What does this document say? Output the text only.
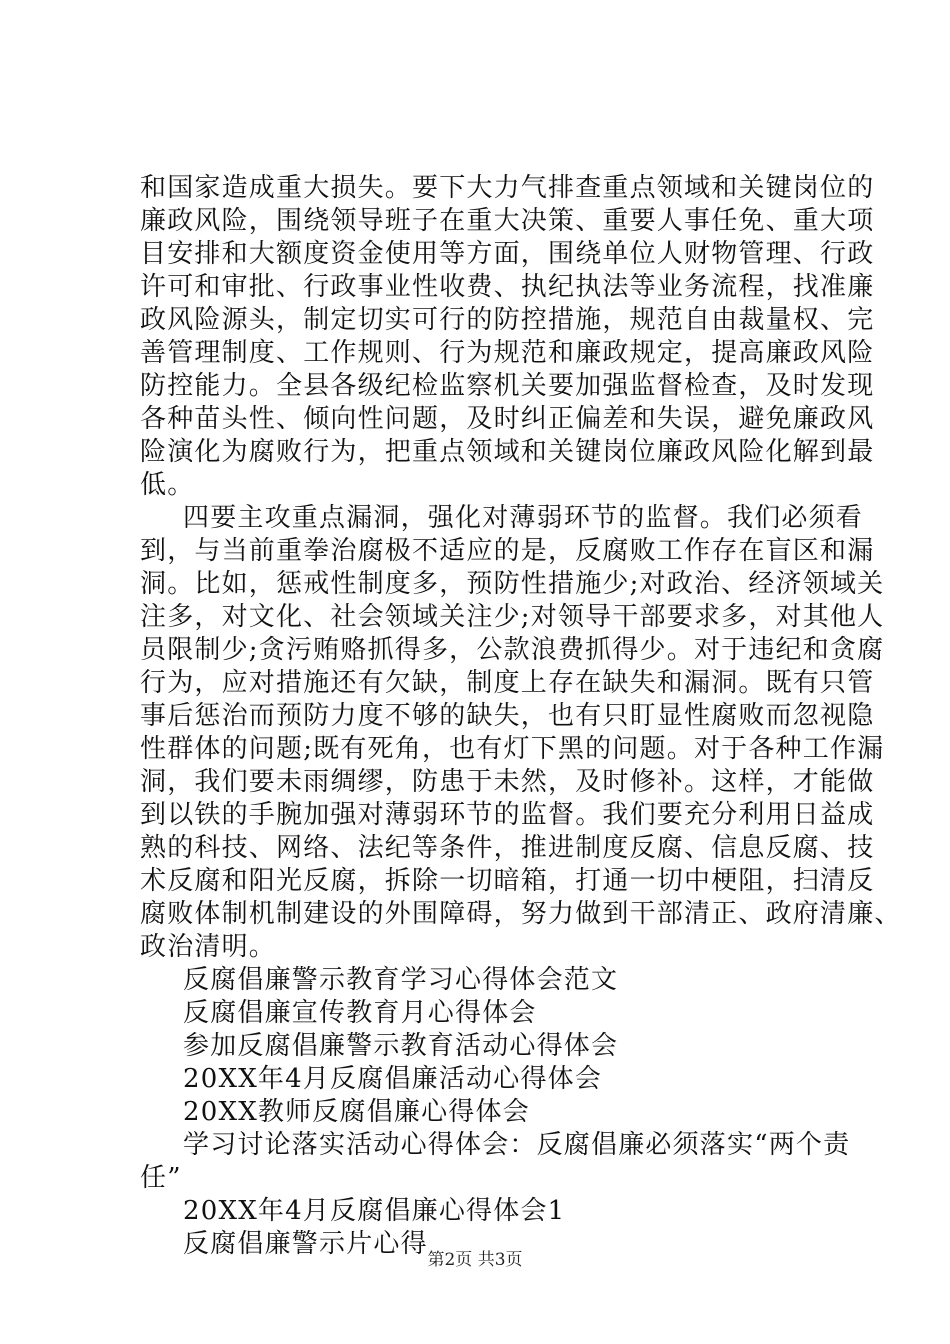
和国家造成重大损失。要下大力气排查重点领域和关键岗位的
廉政风险，围绕领导班子在重大决策、重要人事任免、重大项
目安排和大额度资金使用等方面，围绕单位人财物管理、行政
许可和审批、行政事业性收费、执纪执法等业务流程，找准廉
政风险源头，制定切实可行的防控措施，规范自由裁量权、完
善管理制度、工作规则、行为规范和廉政规定，提高廉政风险
防控能力。全县各级纪检监察机关要加强监督检查，及时发现
各种苗头性、倾向性问题，及时纠正偏差和失误，避免廉政风
险演化为腐败行为，把重点领域和关键岗位廉政风险化解到最
低。
四要主攻重点漏洞，强化对薄弱环节的监督。我们必须看
到，与当前重拳治腐极不适应的是，反腐败工作存在盲区和漏
洞。比如，惩戒性制度多，预防性措施少;对政治、经济领域关
注多，对文化、社会领域关注少;对领导干部要求多，对其他人
员限制少;贪污贿赂抓得多，公款浪费抓得少。对于违纪和贪腐
行为，应对措施还有欠缺，制度上存在缺失和漏洞。既有只管
事后惩治而预防力度不够的缺失，也有只盯显性腐败而忽视隐
性群体的问题;既有死角，也有灯下黑的问题。对于各种工作漏
洞，我们要未雨绸缪，防患于未然，及时修补。这样，才能做
到以铁的手腕加强对薄弱环节的监督。我们要充分利用日益成
熟的科技、网络、法纪等条件，推进制度反腐、信息反腐、技
术反腐和阳光反腐，拆除一切暗箱，打通一切中梗阻，扫清反
腐败体制机制建设的外围障碍，努力做到干部清正、政府清廉、
政治清明。
反腐倡廉警示教育学习心得体会范文
反腐倡廉宣传教育月心得体会
参加反腐倡廉警示教育活动心得体会
20XX年4月反腐倡廉活动心得体会
20XX教师反腐倡廉心得体会
学习讨论落实活动心得体会：反腐倡廉必须落实“两个责
任”
20XX年4月反腐倡廉心得体会1
反腐倡廉警示片心得
第2页 共3页
